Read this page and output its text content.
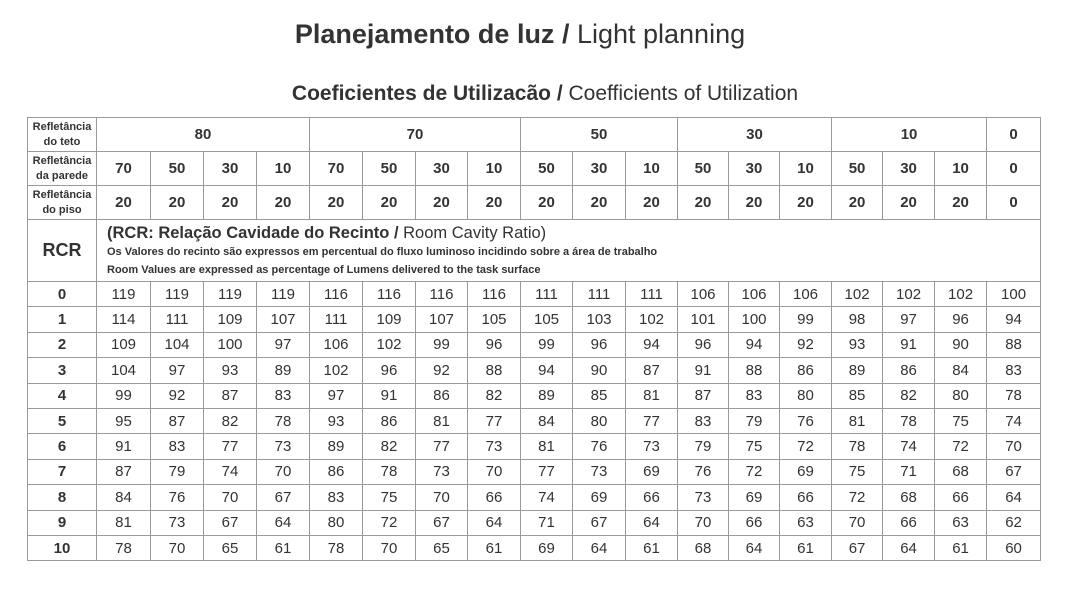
Planejamento de luz / Light planning
Coeficientes de Utilizacão / Coefficients of Utilization
Refletância
do teto	80				70				50			30			10			0

Refletância
da parede	70	50	30	10	70	50	30	10	50	30	10	50	30	10	50	30	10	0

Refletância
do piso	20	20	20	20	20	20	20	20	20	20	20	20	20	20	20	20	20	0
RCR	(RCR: Relação Cavidade do Recinto / Room Cavity Ratio)
Os Valores do recinto são expressos em percentual do fluxo luminoso incidindo sobre a área de trabalho
Room Values are expressed as percentage of Lumens delivered to the task surface																	

0	119	119	119	119	116	116	116	116	111	111	111	106	106	106	102	102	102	100
1	114	111	109	107	111	109	107	105	105	103	102	101	100	99	98	97	96	94
2	109	104	100	97	106	102	99	96	99	96	94	96	94	92	93	91	90	88
3	104	97	93	89	102	96	92	88	94	90	87	91	88	86	89	86	84	83
4	99	92	87	83	97	91	86	82	89	85	81	87	83	80	85	82	80	78
5	95	87	82	78	93	86	81	77	84	80	77	83	79	76	81	78	75	74
6	91	83	77	73	89	82	77	73	81	76	73	79	75	72	78	74	72	70
7	87	79	74	70	86	78	73	70	77	73	69	76	72	69	75	71	68	67
8	84	76	70	67	83	75	70	66	74	69	66	73	69	66	72	68	66	64
9	81	73	67	64	80	72	67	64	71	67	64	70	66	63	70	66	63	62
10	78	70	65	61	78	70	65	61	69	64	61	68	64	61	67	64	61	60
